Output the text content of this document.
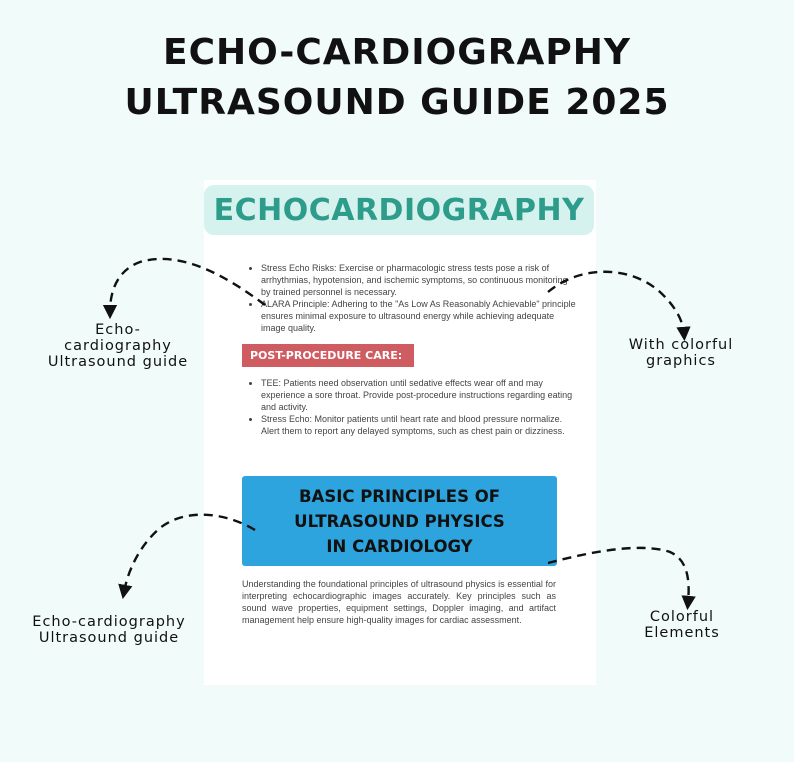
ECHO-CARDIOGRAPHY
ULTRASOUND GUIDE 2025
ECHOCARDIOGRAPHY
• Stress Echo Risks: Exercise or pharmacologic stress tests pose a risk of arrhythmias, hypotension, and ischemic symptoms, so continuous monitoring by trained personnel is necessary.
• ALARA Principle: Adhering to the "As Low As Reasonably Achievable" principle ensures minimal exposure to ultrasound energy while achieving adequate image quality.
POST-PROCEDURE CARE:
• TEE: Patients need observation until sedative effects wear off and may experience a sore throat. Provide post-procedure instructions regarding eating and activity.
• Stress Echo: Monitor patients until heart rate and blood pressure normalize. Alert them to report any delayed symptoms, such as chest pain or dizziness.
BASIC PRINCIPLES OF
ULTRASOUND PHYSICS
IN CARDIOLOGY

Understanding the foundational principles of ultrasound physics is essential for interpreting echocardiographic images accurately. Key principles such as sound wave properties, equipment settings, Doppler imaging, and artifact management help ensure high-quality images for cardiac assessment.

Echo-
cardiography
Ultrasound guide
With colorful
graphics
Echo-cardiography
Ultrasound guide
Colorful
Elements
